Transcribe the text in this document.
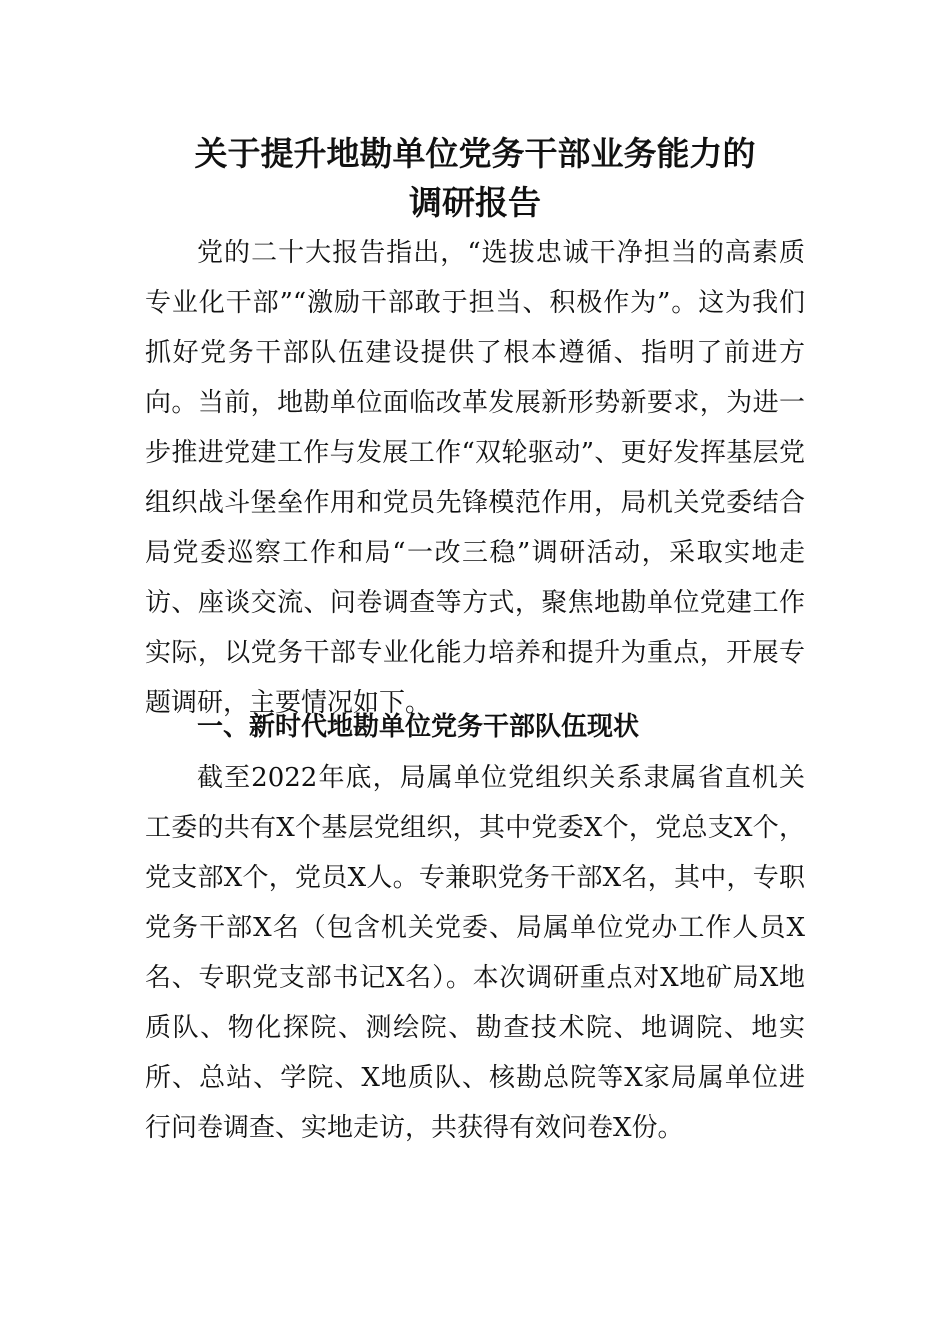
关于提升地勘单位党务干部业务能力的
调研报告

党的二十大报告指出，“选拔忠诚干净担当的高素质专业化干部”“激励干部敢于担当、积极作为”。这为我们抓好党务干部队伍建设提供了根本遵循、指明了前进方向。当前，地勘单位面临改革发展新形势新要求，为进一步推进党建工作与发展工作“双轮驱动”、更好发挥基层党组织战斗堡垒作用和党员先锋模范作用，局机关党委结合局党委巡察工作和局“一改三稳”调研活动，采取实地走访、座谈交流、问卷调查等方式，聚焦地勘单位党建工作实际，以党务干部专业化能力培养和提升为重点，开展专题调研，主要情况如下。

一、新时代地勘单位党务干部队伍现状

截至2022年底，局属单位党组织关系隶属省直机关工委的共有X个基层党组织，其中党委X个，党总支X个，党支部X个，党员X人。专兼职党务干部X名，其中，专职党务干部X名（包含机关党委、局属单位党办工作人员X名、专职党支部书记X名）。本次调研重点对X地矿局X地质队、物化探院、测绘院、勘查技术院、地调院、地实所、总站、学院、X地质队、核勘总院等X家局属单位进行问卷调查、实地走访，共获得有效问卷X份。
